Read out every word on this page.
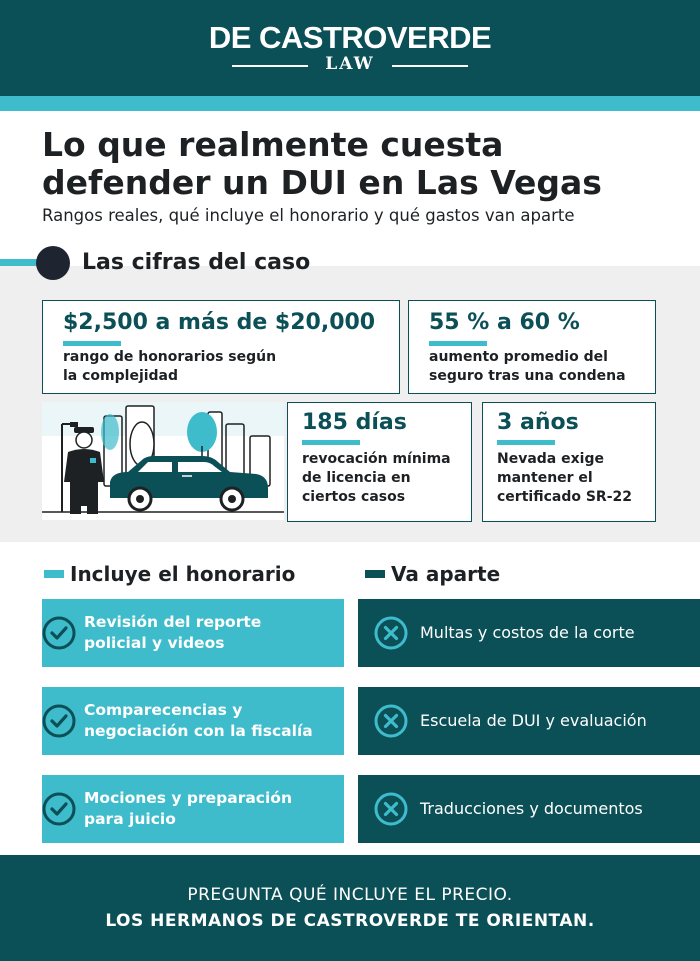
DE CASTROVERDE
LAW
Lo que realmente cuesta defender un DUI en Las Vegas

Rangos reales, qué incluye el honorario y qué gastos van aparte

Las cifras del caso
$2,500 a más de $20,000
rango de honorarios según
la complejidad
55 % a 60 %
aumento promedio del
seguro tras una condena
185 días
revocación mínima
de licencia en
ciertos casos
3 años
Nevada exige
mantener el
certificado SR-22
Incluye el honorario	Va aparte
Revisión del reporte
policial y videos
Comparecencias y
negociación con la fiscalía
Mociones y preparación
para juicio
Multas y costos de la corte
Escuela de DUI y evaluación
Traducciones y documentos
PREGUNTA QUÉ INCLUYE EL PRECIO.
LOS HERMANOS DE CASTROVERDE TE ORIENTAN.
